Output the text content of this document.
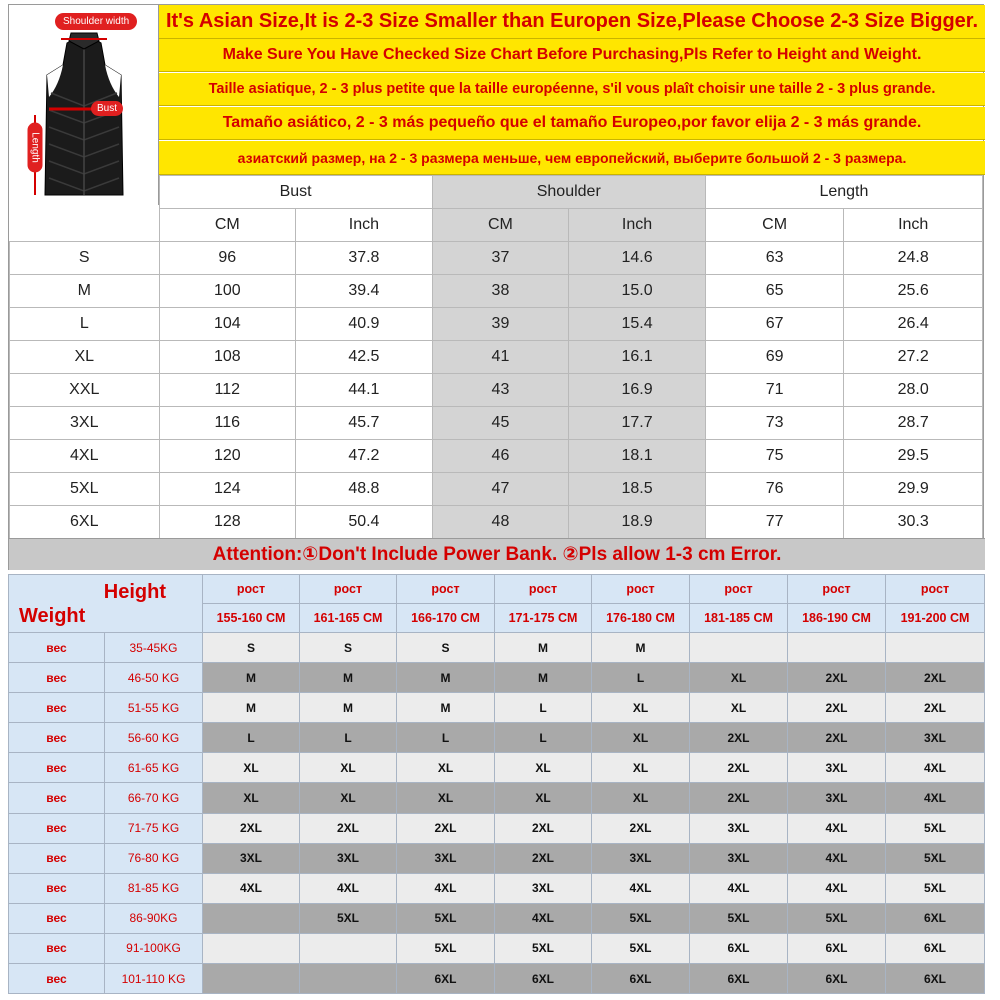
Shoulder width
Bust
Length
It's Asian Size,It is 2-3 Size Smaller than Europen Size,Please Choose 2-3 Size Bigger.
Make Sure You Have Checked Size Chart Before Purchasing,Pls Refer to Height and Weight.
Taille asiatique, 2 - 3 plus petite que la taille européenne, s'il vous plaît choisir une taille 2 - 3 plus grande.
Tamaño asiático, 2 - 3 más pequeño que el tamaño Europeo,por favor elija 2 - 3 más grande.
азиатский размер, на 2 - 3 размера меньше, чем европейский, выберите большой 2 - 3 размера.
	Bust		Shoulder		Length	
	CM	Inch	CM	Inch	CM	Inch
S	96	37.8	37	14.6	63	24.8
M	100	39.4	38	15.0	65	25.6
L	104	40.9	39	15.4	67	26.4
XL	108	42.5	41	16.1	69	27.2
XXL	112	44.1	43	16.9	71	28.0
3XL	116	45.7	45	17.7	73	28.7
4XL	120	47.2	46	18.1	75	29.5
5XL	124	48.8	47	18.5	76	29.9
6XL	128	50.4	48	18.9	77	30.3
Attention:①Don't Include Power Bank. ②Pls allow 1-3 cm Error.
Height
Weight		рост	рост	рост	рост	рост	рост	рост	рост
		155-160 CM	161-165 CM	166-170 CM	171-175 CM	176-180 CM	181-185 CM	186-190 CM	191-200 CM
вес	35-45KG	S	S	S	M	M			
вес	46-50 KG	M	M	M	M	L	XL	2XL	2XL
вес	51-55 KG	M	M	M	L	XL	XL	2XL	2XL
вес	56-60 KG	L	L	L	L	XL	2XL	2XL	3XL
вес	61-65 KG	XL	XL	XL	XL	XL	2XL	3XL	4XL
вес	66-70 KG	XL	XL	XL	XL	XL	2XL	3XL	4XL
вес	71-75 KG	2XL	2XL	2XL	2XL	2XL	3XL	4XL	5XL
вес	76-80 KG	3XL	3XL	3XL	2XL	3XL	3XL	4XL	5XL
вес	81-85 KG	4XL	4XL	4XL	3XL	4XL	4XL	4XL	5XL
вес	86-90KG		5XL	5XL	4XL	5XL	5XL	5XL	6XL
вес	91-100KG			5XL	5XL	5XL	6XL	6XL	6XL
вес	101-110 KG			6XL	6XL	6XL	6XL	6XL	6XL
